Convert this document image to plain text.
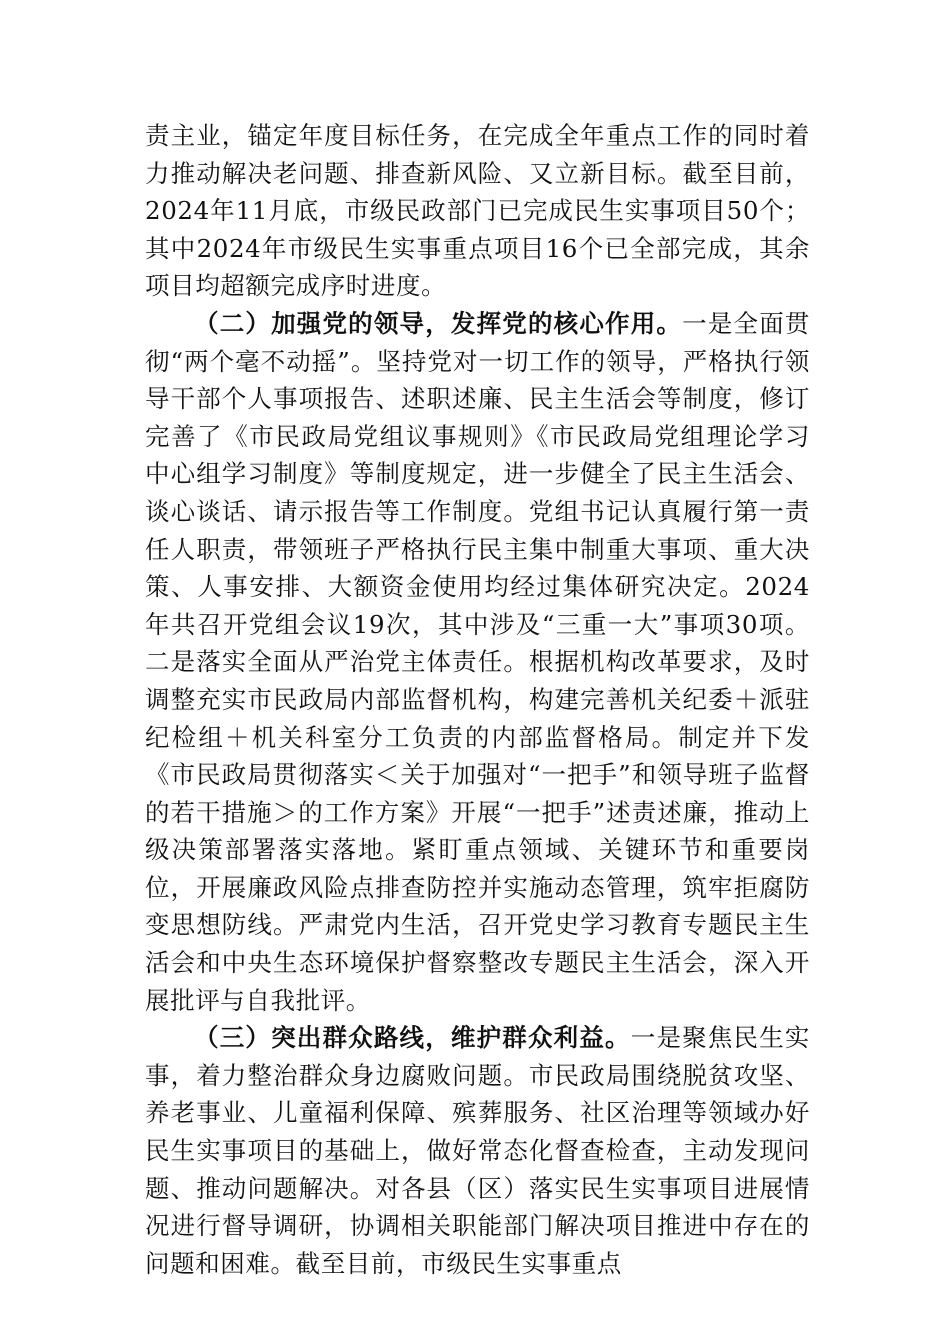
责主业，锚定年度目标任务，在完成全年重点工作的同时着力推动解决老问题、排查新风险、又立新目标。截至目前，2024年11月底，市级民政部门已完成民生实事项目50个；其中2024年市级民生实事重点项目16个已全部完成，其余项目均超额完成序时进度。

（二）加强党的领导，发挥党的核心作用。一是全面贯彻“两个毫不动摇”。坚持党对一切工作的领导，严格执行领导干部个人事项报告、述职述廉、民主生活会等制度，修订完善了《市民政局党组议事规则》《市民政局党组理论学习中心组学习制度》等制度规定，进一步健全了民主生活会、谈心谈话、请示报告等工作制度。党组书记认真履行第一责任人职责，带领班子严格执行民主集中制重大事项、重大决策、人事安排、大额资金使用均经过集体研究决定。2024年共召开党组会议19次，其中涉及“三重一大”事项30项。二是落实全面从严治党主体责任。根据机构改革要求，及时调整充实市民政局内部监督机构，构建完善机关纪委＋派驻纪检组＋机关科室分工负责的内部监督格局。制定并下发《市民政局贯彻落实＜关于加强对“一把手”和领导班子监督的若干措施＞的工作方案》开展“一把手”述责述廉，推动上级决策部署落实落地。紧盯重点领域、关键环节和重要岗位，开展廉政风险点排查防控并实施动态管理，筑牢拒腐防变思想防线。严肃党内生活，召开党史学习教育专题民主生活会和中央生态环境保护督察整改专题民主生活会，深入开展批评与自我批评。

（三）突出群众路线，维护群众利益。一是聚焦民生实事，着力整治群众身边腐败问题。市民政局围绕脱贫攻坚、养老事业、儿童福利保障、殡葬服务、社区治理等领域办好民生实事项目的基础上，做好常态化督查检查，主动发现问题、推动问题解决。对各县（区）落实民生实事项目进展情况进行督导调研，协调相关职能部门解决项目推进中存在的问题和困难。截至目前，市级民生实事重点
